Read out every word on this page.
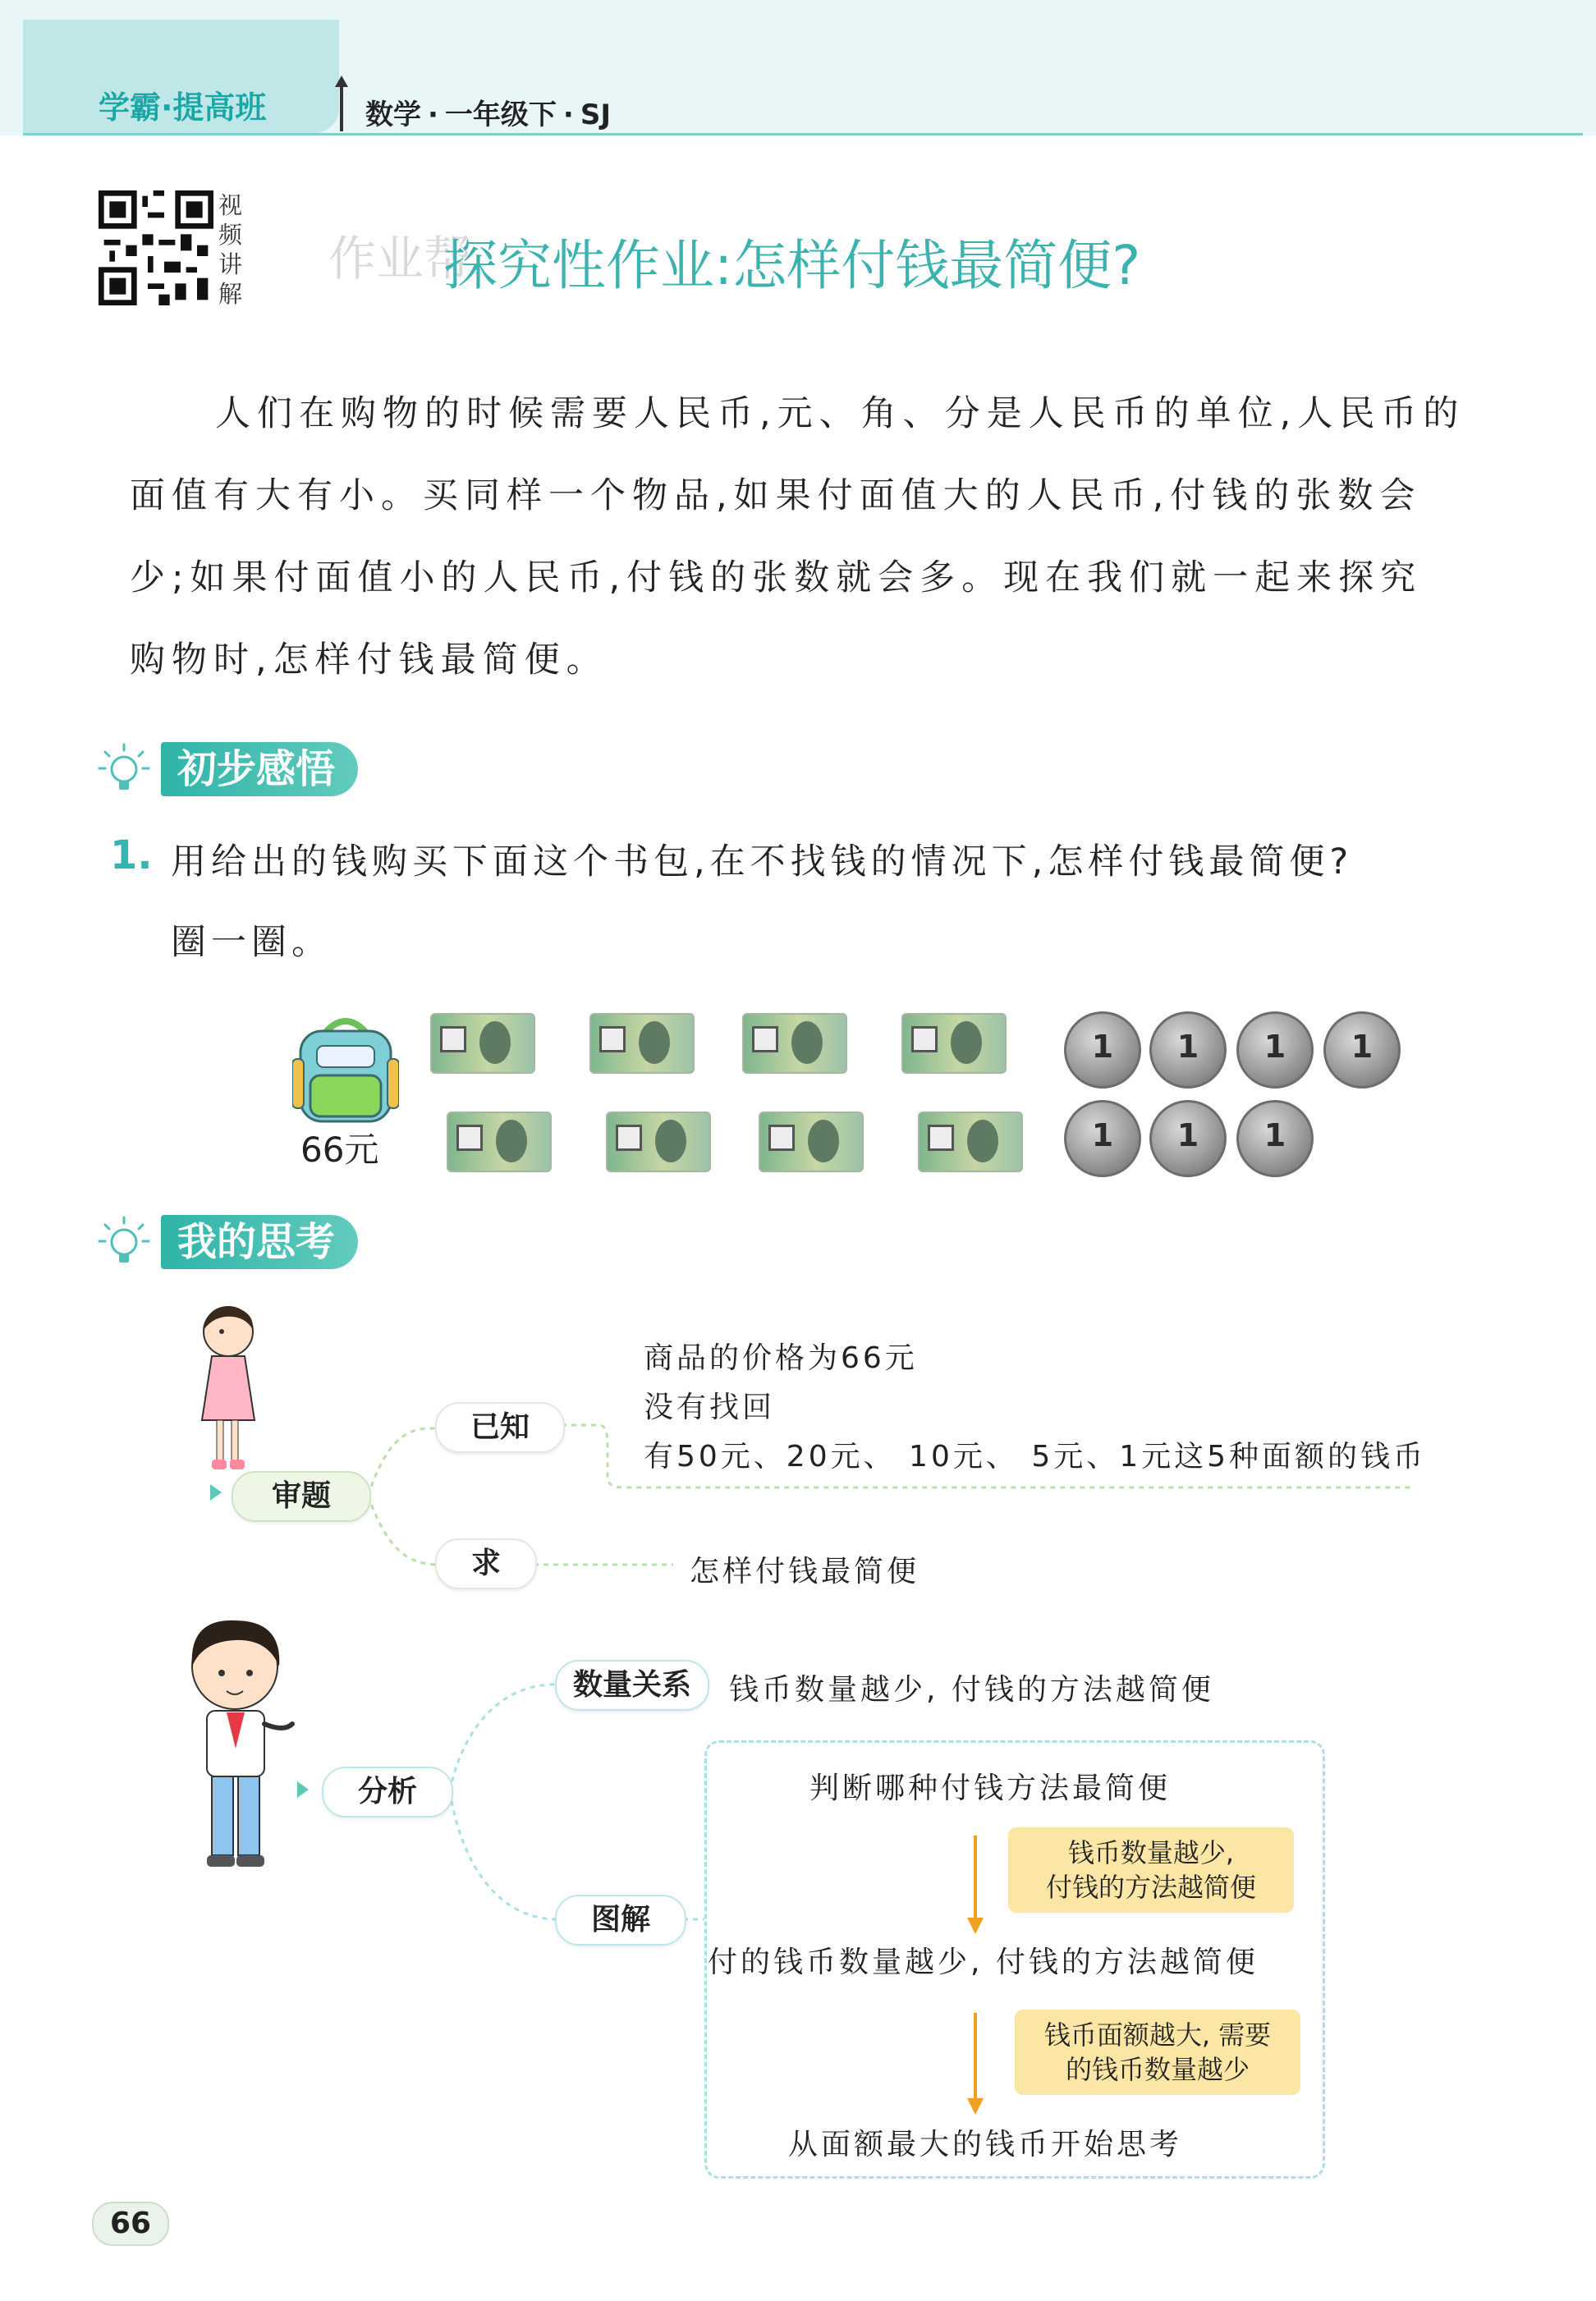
学霸·提高班	数学 · 一年级下 · SJ
视频讲解
作业帮
探究性作业:怎样付钱最简便?
人们在购物的时候需要人民币,元、角、分是人民币的单位,人民币的
面值有大有小。买同样一个物品,如果付面值大的人民币,付钱的张数会
少;如果付面值小的人民币,付钱的张数就会多。现在我们就一起来探究
购物时,怎样付钱最简便。
初步感悟
1. 用给出的钱购买下面这个书包,在不找钱的情况下,怎样付钱最简便?
圈一圈。
66元
1	1	1	1
1	1	1
我的思考
审题
已知
求
商品的价格为66元
没有找回
有50元、20元、 10元、 5元、1元这5种面额的钱币
怎样付钱最简便
分析
数量关系
图解
钱币数量越少, 付钱的方法越简便
判断哪种付钱方法最简便
钱币数量越少,
付钱的方法越简便
付的钱币数量越少, 付钱的方法越简便
钱币面额越大, 需要
的钱币数量越少
从面额最大的钱币开始思考
66
